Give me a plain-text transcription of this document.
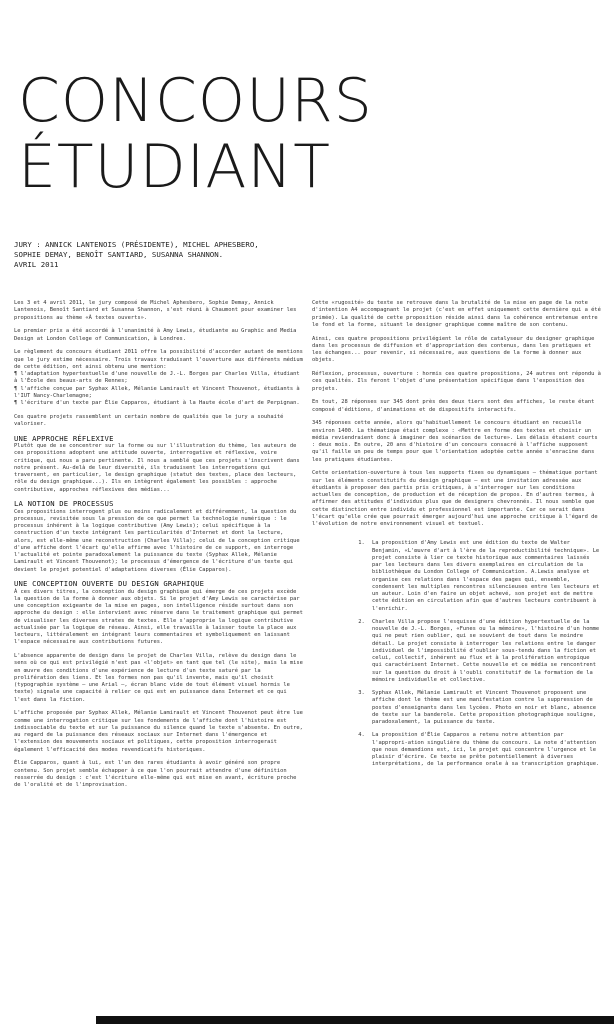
CONCOURS
ÉTUDIANT
JURY : ANNICK LANTENOIS (PRÉSIDENTE), MICHEL APHESBERO,
SOPHIE DEMAY, BENOÎT SANTIARD, SUSANNA SHANNON.
AVRIL 2011

Les 3 et 4 avril 2011, le jury composé de Michel Aphesbero, Sophie Demay, Annick Lantenois, Benoît Santiard et Susanna Shannon, s'est réuni à Chaumont pour examiner les propositions au thème «À textes ouverts».

Le premier prix a été accordé à l'unanimité à Amy Lewis, étudiante au Graphic and Media Design at London College of Communication, à Londres.

Le règlement du concours étudiant 2011 offre la possibilité d'accorder autant de mentions que le jury estime nécessaire. Trois travaux traduisant l'ouverture aux différents médium de cette édition, ont ainsi obtenu une mention:

¶ l'adaptation hypertextuelle d'une nouvelle de J.-L. Borges par Charles Villa, étudiant à l'École des beaux-arts de Rennes;
¶ l'affiche conçue par Syphax Allek, Mélanie Lamirault et Vincent Thouvenot, étudiants à l'IUT Nancy-Charlemagne;
¶ l'écriture d'un texte par Élie Capparos, étudiant à la Haute école d'art de Perpignan.

Ces quatre projets rassemblent un certain nombre de qualités que le jury a souhaité valoriser.

UNE APPROCHE RÉFLEXIVE

Plutôt que de se concentrer sur la forme ou sur l'illustration du thème, les auteurs de ces propositions adoptent une attitude ouverte, interrogative et réflexive, voire critique, qui nous a paru pertinente. Il nous a semblé que ces projets s'inscrivent dans notre présent. Au-delà de leur diversité, ils traduisent les interrogations qui traversent, en particulier, le design graphique (statut des textes, place des lecteurs, rôle du design graphique...). Ils en intègrent également les possibles : approche contributive, approches réflexives des médias...

LA NOTION DE PROCESSUS

Ces propositions interrogent plus ou moins radicalement et différemment, la question du processus, revisitée sous la pression de ce que permet la technologie numérique : le processus inhérent à la logique contributive (Amy Lewis); celui spécifique à la construction d'un texte intégrant les particularités d'Internet et dont la lecture, alors, est elle-même une reconstruction (Charles Villa); celui de la conception critique d'une affiche dont l'écart qu'elle affirme avec l'histoire de ce support, en interroge l'actualité et pointe paradoxalement la puissance du texte (Syphax Allek, Mélanie Lamirault et Vincent Thouvenot); le processus d'émergence de l'écriture d'un texte qui devient le projet potentiel d'adaptations diverses (Élie Capparos).

UNE CONCEPTION OUVERTE DU DESIGN GRAPHIQUE

À ces divers titres, la conception du design graphique qui émerge de ces projets excède la question de la forme à donner aux objets. Si le projet d'Amy Lewis se caractérise par une conception exigeante de la mise en pages, son intelligence réside surtout dans son approche du design : elle intervient avec réserve dans le traitement graphique qui permet de visualiser les diverses strates de textes. Elle s'approprie la logique contributive actualisée par la logique de réseau. Ainsi, elle travaille à laisser toute la place aux lecteurs, littéralement en intégrant leurs commentaires et symboliquement en laissant l'espace nécessaire aux contributions futures.

L'absence apparente de design dans le projet de Charles Villa, relève du design dans le sens où ce qui est privilégié n'est pas «l'objet» en tant que tel (le site), mais la mise en œuvre des conditions d'une expérience de lecture d'un texte saturé par la prolifération des liens. Et les formes non pas qu'il invente, mais qu'il choisit (typographie système — une Arial —, écran blanc vide de tout élément visuel hormis le texte) signale une capacité à relier ce qui est en puissance dans Internet et ce qui l'est dans la fiction.

L'affiche proposée par Syphax Allek, Mélanie Lamirault et Vincent Thouvenot peut être lue comme une interrogation critique sur les fondements de l'affiche dont l'histoire est indissociable du texte et sur la puissance du silence quand le texte s'absente. En outre, au regard de la puissance des réseaux sociaux sur Internet dans l'émergence et l'extension des mouvements sociaux et politiques, cette proposition interrogerait également l'efficacité des modes revendicatifs historiques.

Élie Capparos, quant à lui, est l'un des rares étudiants à avoir généré son propre contenu. Son projet semble échapper à ce que l'on pourrait attendre d'une définition resserrée du design : c'est l'écriture elle-même qui est mise en avant, écriture proche de l'oralité et de l'improvisation.

Cette «rugosité» du texte se retrouve dans la brutalité de la mise en page de la note d'intention A4 accompagnant le projet (c'est en effet uniquement cette dernière qui a été primée). La qualité de cette proposition réside ainsi dans la cohérence entretenue entre le fond et la forme, situant le designer graphique comme maître de son contenu.

Ainsi, ces quatre propositions privilégient le rôle de catalyseur du designer graphique dans les processus de diffusion et d'appropriation des contenus, dans les pratiques et les échanges... pour revenir, si nécessaire, aux questions de la forme à donner aux objets.

Réflexion, processus, ouverture : hormis ces quatre propositions, 24 autres ont répondu à ces qualités. Ils feront l'objet d'une présentation spécifique dans l'exposition des projets.

En tout, 28 réponses sur 345 dont près des deux tiers sont des affiches, le reste étant composé d'éditions, d'animations et de dispositifs interactifs.

345 réponses cette année, alors qu'habituellement le concours étudiant en recueille environ 1400. La thématique était complexe : «Mettre en forme des textes et choisir un média reviendraient donc à imaginer des scénarios de lecture». Les délais étaient courts : deux mois. En outre, 20 ans d'histoire d'un concours consacré à l'affiche supposent qu'il faille un peu de temps pour que l'orientation adoptée cette année s'enracine dans les pratiques étudiantes.

Cette orientation-ouverture à tous les supports fixes ou dynamiques — thématique portant sur les éléments constitutifs du design graphique — est une invitation adressée aux étudiants à proposer des partis pris critiques, à s'interroger sur les conditions actuelles de conception, de production et de réception de propos. En d'autres termes, à affirmer des attitudes d'individus plus que de designers chevronnés. Il nous semble que cette distinction entre individu et professionnel est importante. Car ce serait dans l'écart qu'elle crée que pourrait émerger aujourd'hui une approche critique à l'égard de l'évolution de notre environnement visuel et textuel.

1. La proposition d'Amy Lewis est une édition du texte de Walter Benjamin, «L'œuvre d'art à l'ère de la reproductibilité technique». Le projet consiste à lier ce texte historique aux commentaires laissés par les lecteurs dans les divers exemplaires en circulation de la bibliothèque du London College of Communication. A.Lewis analyse et organise ces relations dans l'espace des pages qui, ensemble, condensent les multiples rencontres silencieuses entre les lecteurs et un auteur. Loin d'en faire un objet achevé, son projet est de mettre cette édition en circulation afin que d'autres lecteurs contribuent à l'enrichir.
2. Charles Villa propose l'esquisse d'une édition hypertextuelle de la nouvelle de J.-L. Borges, «Funes ou la mémoire», l'histoire d'un homme qui ne peut rien oublier, qui se souvient de tout dans le moindre détail. Le projet consiste à interroger les relations entre le danger individuel de l'impossibilité d'oublier sous-tendu dans la fiction et celui, collectif, inhérent au flux et à la prolifération entropique qui caractérisent Internet. Cette nouvelle et ce média se rencontrent sur la question du droit à l'oubli constitutif de la formation de la mémoire individuelle et collective.
3. Syphax Allek, Mélanie Lamirault et Vincent Thouvenot proposent une affiche dont le thème est une manifestation contre la suppression de postes d'enseignants dans les lycées. Photo en noir et blanc, absence de texte sur la banderole. Cette proposition photographique souligne, paradoxalement, la puissance du texte.
4. La proposition d'Élie Capparos a retenu notre attention par l'appropri-ation singulière du thème du concours. La note d'attention que nous demandions est, ici, le projet qui concentre l'urgence et le plaisir d'écrire. Ce texte se prête potentiellement à diverses interprétations, de la performance orale à sa transcription graphique.
